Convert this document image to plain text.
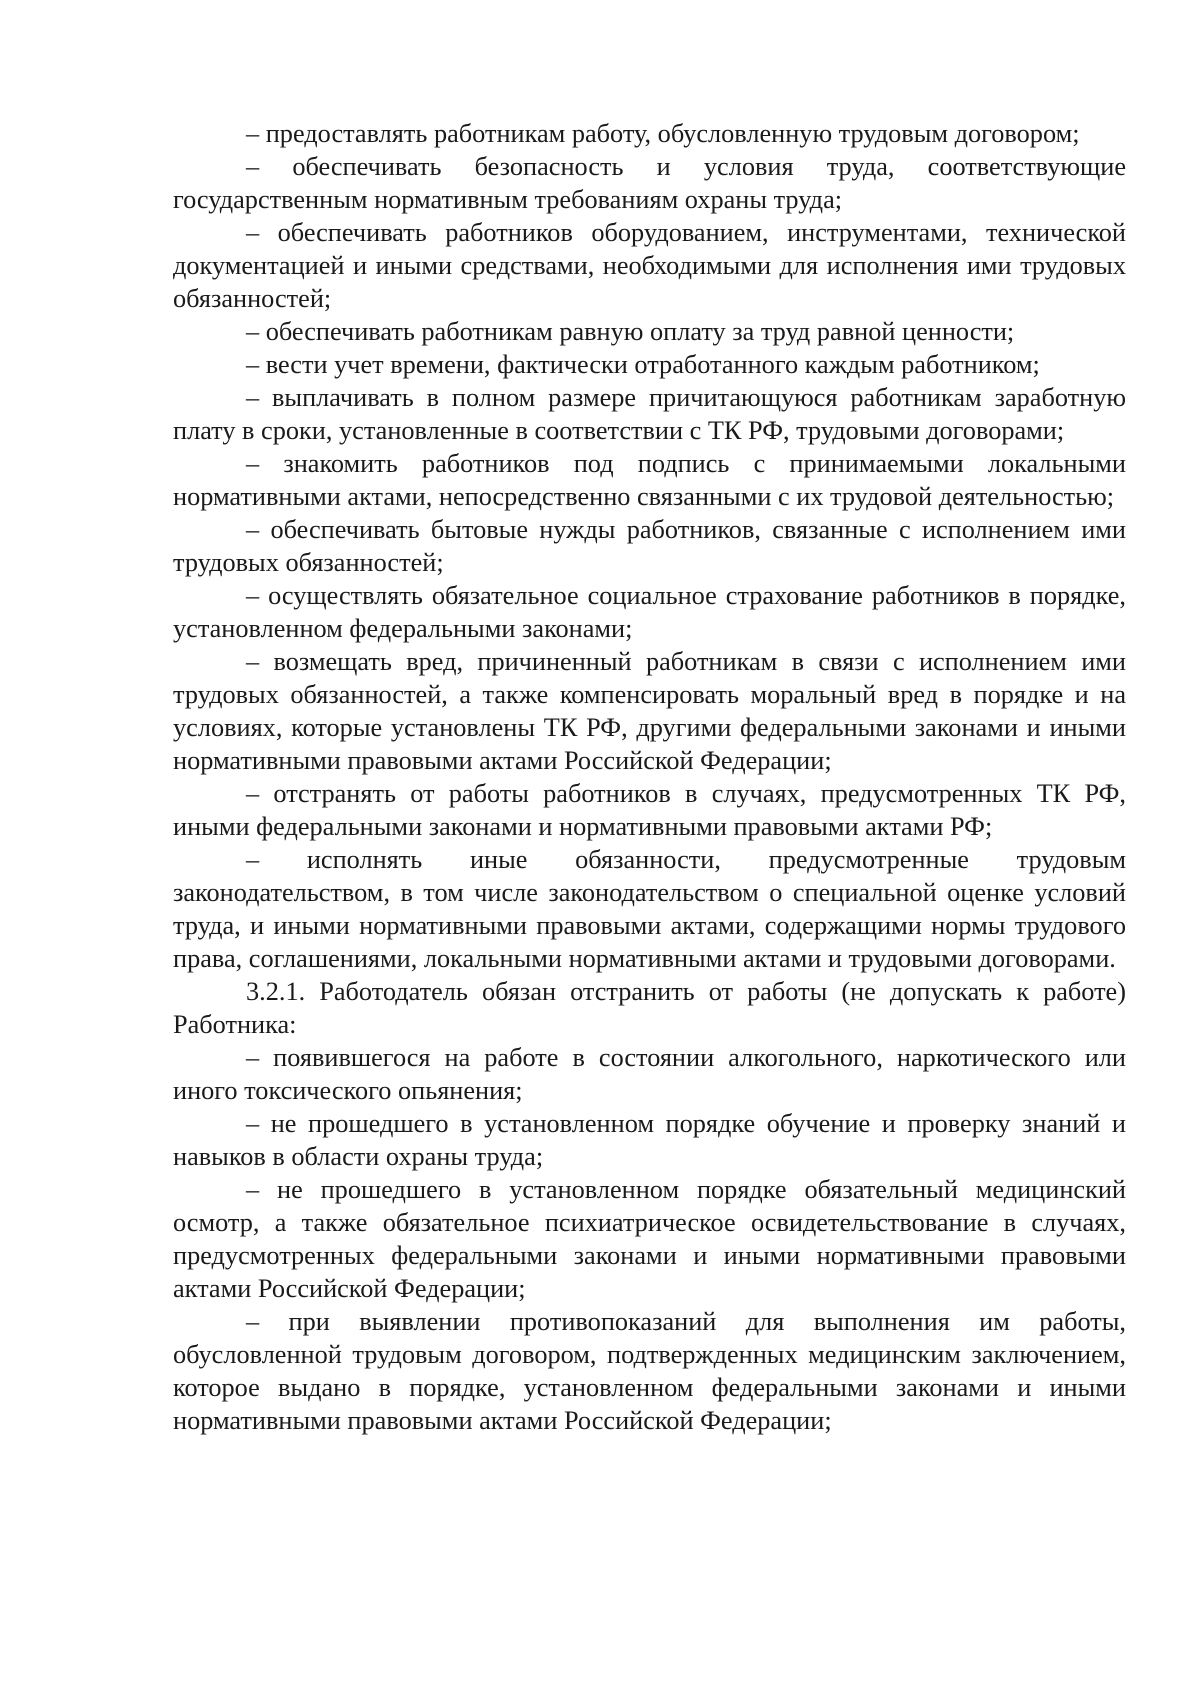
– предоставлять работникам работу, обусловленную трудовым договором;

– обеспечивать безопасность и условия труда, соответствующие государственным нормативным требованиям охраны труда;

– обеспечивать работников оборудованием, инструментами, технической документацией и иными средствами, необходимыми для исполнения ими трудовых обязанностей;

– обеспечивать работникам равную оплату за труд равной ценности;

– вести учет времени, фактически отработанного каждым работником;

– выплачивать в полном размере причитающуюся работникам заработную плату в сроки, установленные в соответствии с ТК РФ, трудовыми договорами;

– знакомить работников под подпись с принимаемыми локальными нормативными актами, непосредственно связанными с их трудовой деятельностью;

– обеспечивать бытовые нужды работников, связанные с исполнением ими трудовых обязанностей;

– осуществлять обязательное социальное страхование работников в порядке, установленном федеральными законами;

– возмещать вред, причиненный работникам в связи с исполнением ими трудовых обязанностей, а также компенсировать моральный вред в порядке и на условиях, которые установлены ТК РФ, другими федеральными законами и иными нормативными правовыми актами Российской Федерации;

– отстранять от работы работников в случаях, предусмотренных ТК РФ, иными федеральными законами и нормативными правовыми актами РФ;

– исполнять иные обязанности, предусмотренные трудовым законодательством, в том числе законодательством о специальной оценке условий труда, и иными нормативными правовыми актами, содержащими нормы трудового права, соглашениями, локальными нормативными актами и трудовыми договорами.

3.2.1. Работодатель обязан отстранить от работы (не допускать к работе) Работника:

– появившегося на работе в состоянии алкогольного, наркотического или иного токсического опьянения;

– не прошедшего в установленном порядке обучение и проверку знаний и навыков в области охраны труда;

– не прошедшего в установленном порядке обязательный медицинский осмотр, а также обязательное психиатрическое освидетельствование в случаях, предусмотренных федеральными законами и иными нормативными правовыми актами Российской Федерации;

– при выявлении противопоказаний для выполнения им работы, обусловленной трудовым договором, подтвержденных медицинским заключением, которое выдано в порядке, установленном федеральными законами и иными нормативными правовыми актами Российской Федерации;
